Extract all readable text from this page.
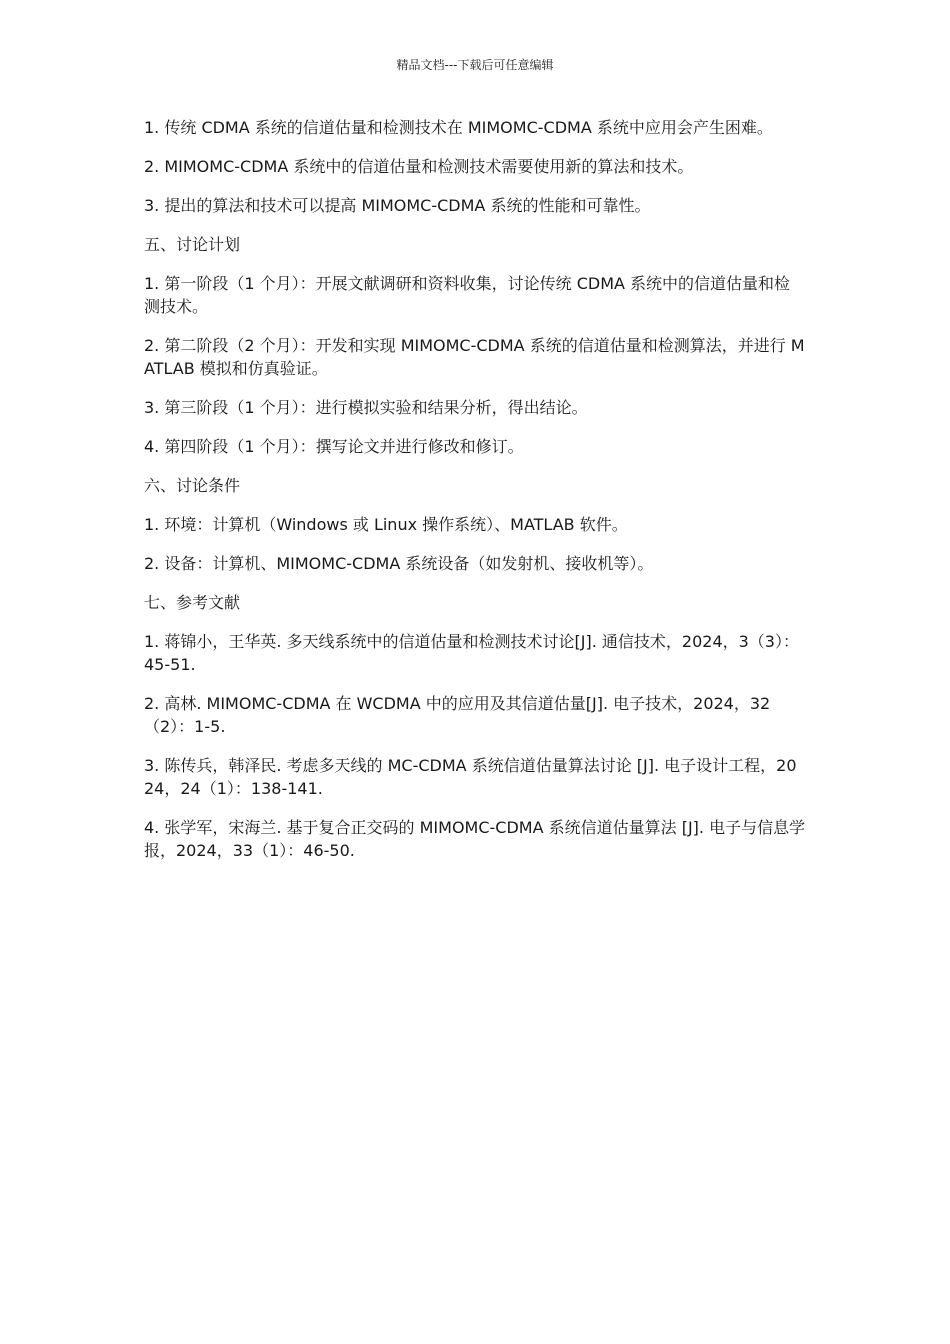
精品文档---下载后可任意编辑

1. 传统 CDMA 系统的信道估量和检测技术在 MIMOMC-CDMA 系统中应用会产生困难。

2. MIMOMC-CDMA 系统中的信道估量和检测技术需要使用新的算法和技术。

3. 提出的算法和技术可以提高 MIMOMC-CDMA 系统的性能和可靠性。

五、讨论计划

1. 第一阶段（1 个月）：开展文献调研和资料收集，讨论传统 CDMA 系统中的信道估量和检测技术。

2. 第二阶段（2 个月）：开发和实现 MIMOMC-CDMA 系统的信道估量和检测算法，并进行 MATLAB 模拟和仿真验证。

3. 第三阶段（1 个月）：进行模拟实验和结果分析，得出结论。

4. 第四阶段（1 个月）：撰写论文并进行修改和修订。

六、讨论条件

1. 环境：计算机（Windows 或 Linux 操作系统）、MATLAB 软件。

2. 设备：计算机、MIMOMC-CDMA 系统设备（如发射机、接收机等）。

七、参考文献

1. 蒋锦小，王华英. 多天线系统中的信道估量和检测技术讨论[J]. 通信技术，2024，3（3）：45-51.

2. 高林. MIMOMC-CDMA 在 WCDMA 中的应用及其信道估量[J]. 电子技术，2024，32（2）：1-5.

3. 陈传兵，韩泽民. 考虑多天线的 MC-CDMA 系统信道估量算法讨论 [J]. 电子设计工程，2024，24（1）：138-141.

4. 张学军，宋海兰. 基于复合正交码的 MIMOMC-CDMA 系统信道估量算法 [J]. 电子与信息学报，2024，33（1）：46-50.
